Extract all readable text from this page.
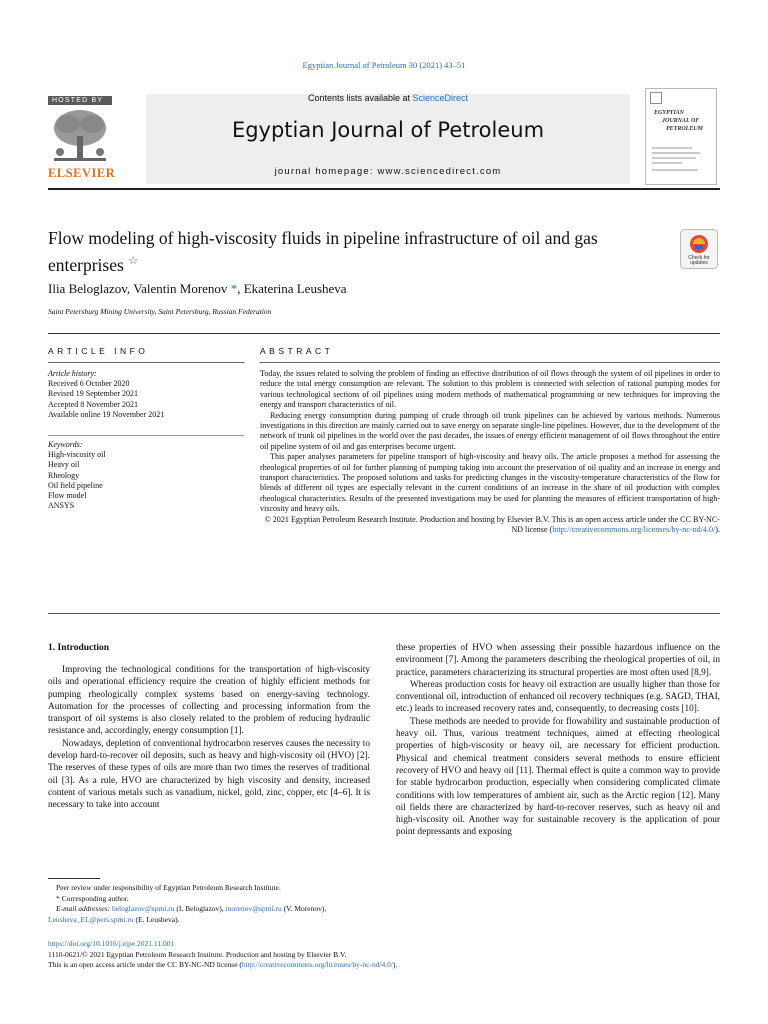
Egyptian Journal of Petroleum 30 (2021) 43–51
HOSTED BY
ELSEVIER
Contents lists available at ScienceDirect
Egyptian Journal of Petroleum
journal homepage: www.sciencedirect.com
EGYPTIAN
JOURNAL OF
PETROLEUM
Flow modeling of high-viscosity fluids in pipeline infrastructure of oil and gas enterprises ☆	Check for updates
Ilia Beloglazov, Valentin Morenov *, Ekaterina Leusheva
Saint Petersburg Mining University, Saint Petersburg, Russian Federation
ARTICLE INFO
Article history:
Received 6 October 2020
Revised 19 September 2021
Accepted 8 November 2021
Available online 19 November 2021
Keywords:
High-viscosity oil
Heavy oil
Rheology
Oil field pipeline
Flow model
ANSYS
ABSTRACT

Today, the issues related to solving the problem of finding an effective distribution of oil flows through the system of oil pipelines in order to reduce the total energy consumption are relevant. The solution to this problem is connected with selection of rational pumping modes for various technological sections of oil pipelines using modern methods of mathematical programming or new techniques for improving the energy and transport characteristics of oil.

Reducing energy consumption during pumping of crude through oil trunk pipelines can be achieved by various methods. Numerous investigations in this direction are mainly carried out to save energy on separate single-line pipelines. However, due to the development of the network of trunk oil pipelines in the world over the past decades, the issues of energy efficient management of oil flows throughout the entire oil pipeline system of oil and gas enterprises become urgent.

This paper analyses parameters for pipeline transport of high-viscosity and heavy oils. The article proposes a method for assessing the rheological properties of oil for further planning of pumping taking into account the preservation of oil quality and an increase in energy and transport characteristics. The proposed solutions and tasks for predicting changes in the viscosity-temperature characteristics of the flow for blends of different oil types are especially relevant in the current conditions of an increase in the share of oil production with complex rheological characteristics. Results of the presented investigations may be used for planning the measures of efficient transportation of high-viscosity and heavy oils.

© 2021 Egyptian Petroleum Research Institute. Production and hosting by Elsevier B.V. This is an open access article under the CC BY-NC-ND license (http://creativecommons.org/licenses/by-nc-nd/4.0/).

1. Introduction

Improving the technological conditions for the transportation of high-viscosity oils and operational efficiency require the creation of highly efficient methods for pumping rheologically complex systems based on energy-saving technology. Automation for the processes of collecting and processing information from the transport of oil systems is also closely related to the problem of reducing hydraulic resistance and, accordingly, energy consumption [1].

Nowadays, depletion of conventional hydrocarbon reserves causes the necessity to develop hard-to-recover oil deposits, such as heavy and high-viscosity oil (HVO) [2]. The reserves of these types of oils are more than two times the reserves of traditional oil [3]. As a rule, HVO are characterized by high viscosity and density, increased content of various metals such as vanadium, nickel, gold, zinc, copper, etc [4–6]. It is necessary to take into account

these properties of HVO when assessing their possible hazardous influence on the environment [7]. Among the parameters describing the rheological properties of oil, in practice, parameters characterizing its structural properties are most often used [8,9].

Whereas production costs for heavy oil extraction are usually higher than those for conventional oil, introduction of enhanced oil recovery techniques (e.g. SAGD, THAI, etc.) leads to increased recovery rates and, consequently, to decreasing costs [10].

These methods are needed to provide for flowability and sustainable production of heavy oil. Thus, various treatment techniques, aimed at effecting rheological properties of high-viscosity or heavy oil, are necessary for efficient production. Physical and chemical treatment considers several methods to ensure efficient recovery of HVO and heavy oil [11]. Thermal effect is quite a common way to provide for stable hydrocarbon production, especially when considering complicated climate conditions with low temperatures of ambient air, such as the Arctic region [12]. Many oil fields there are characterized by hard-to-recover reserves, such as heavy oil and high-viscosity oil. Another way for sustainable recovery is the application of pour point depressants and exposing

Peer review under responsibility of Egyptian Petroleum Research Institute.
* Corresponding author.
E-mail addresses: beloglazov@spmi.ru (I. Beloglazov), morenov@spmi.ru (V. Morenov), Leusheva_EL@pers.spmi.ru (E. Leusheva).
https://doi.org/10.1016/j.ejpe.2021.11.001
1110-0621/© 2021 Egyptian Petroleum Research Institute. Production and hosting by Elsevier B.V.
This is an open access article under the CC BY-NC-ND license (http://creativecommons.org/licenses/by-nc-nd/4.0/).
